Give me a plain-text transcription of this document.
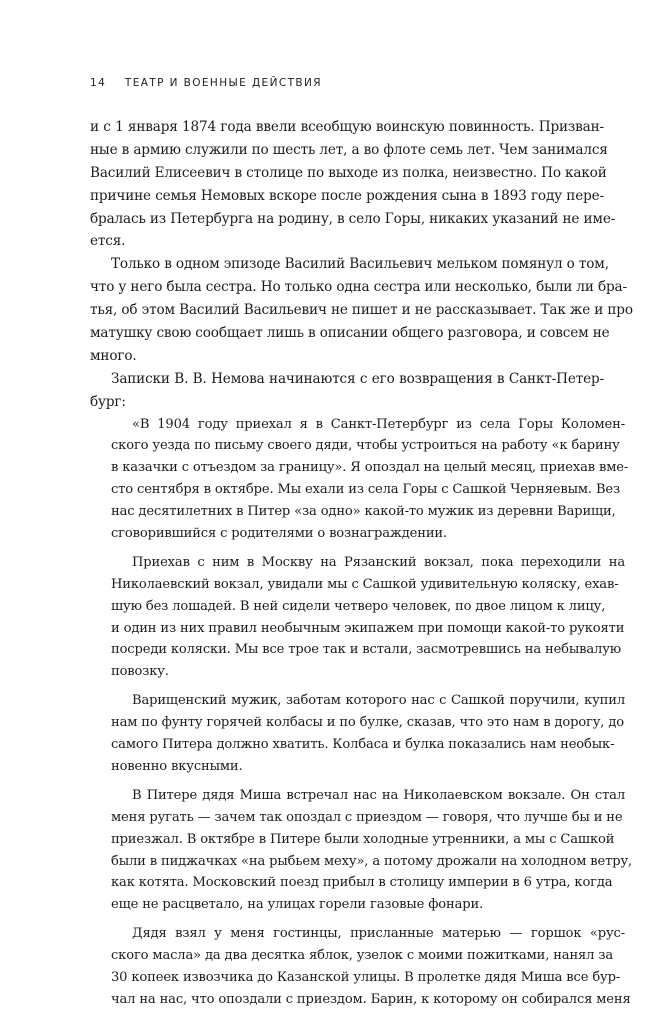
14 ТЕАТР И ВОЕННЫЕ ДЕЙСТВИЯ
и с 1 января 1874 года ввели всеобщую воинскую повинность. Призван-
ные в армию служили по шесть лет, а во флоте семь лет. Чем занимался
Василий Елисеевич в столице по выходе из полка, неизвестно. По какой
причине семья Немовых вскоре после рождения сына в 1893 году пере-
бралась из Петербурга на родину, в село Горы, никаких указаний не име-
ется.
Только в одном эпизоде Василий Васильевич мельком помянул о том,
что у него была сестра. Но только одна сестра или несколько, были ли бра-
тья, об этом Василий Васильевич не пишет и не рассказывает. Так же и про
матушку свою сообщает лишь в описании общего разговора, и совсем не
много.
Записки В. В. Немова начинаются с его возвращения в Санкт-Петер-
бург:
«В 1904 году приехал я в Санкт-Петербург из села Горы Коломен-
ского уезда по письму своего дяди, чтобы устроиться на работу «к барину
в казачки с отъездом за границу». Я опоздал на целый месяц, приехав вме-
сто сентября в октябре. Мы ехали из села Горы с Сашкой Черняевым. Вез
нас десятилетних в Питер «за одно» какой-то мужик из деревни Варищи,
сговорившийся с родителями о вознаграждении.
Приехав с ним в Москву на Рязанский вокзал, пока переходили на
Николаевский вокзал, увидали мы с Сашкой удивительную коляску, ехав-
шую без лошадей. В ней сидели четверо человек, по двое лицом к лицу,
и один из них правил необычным экипажем при помощи какой-то рукояти
посреди коляски. Мы все трое так и встали, засмотревшись на небывалую
повозку.
Варищенский мужик, заботам которого нас с Сашкой поручили, купил
нам по фунту горячей колбасы и по булке, сказав, что это нам в дорогу, до
самого Питера должно хватить. Колбаса и булка показались нам необык-
новенно вкусными.
В Питере дядя Миша встречал нас на Николаевском вокзале. Он стал
меня ругать — зачем так опоздал с приездом — говоря, что лучше бы и не
приезжал. В октябре в Питере были холодные утренники, а мы с Сашкой
были в пиджачках «на рыбьем меху», а потому дрожали на холодном ветру,
как котята. Московский поезд прибыл в столицу империи в 6 утра, когда
еще не расцветало, на улицах горели газовые фонари.
Дядя взял у меня гостинцы, присланные матерью — горшок «рус-
ского масла» да два десятка яблок, узелок с моими пожитками, нанял за
30 копеек извозчика до Казанской улицы. В пролетке дядя Миша все бур-
чал на нас, что опоздали с приездом. Барин, к которому он собирался меня
